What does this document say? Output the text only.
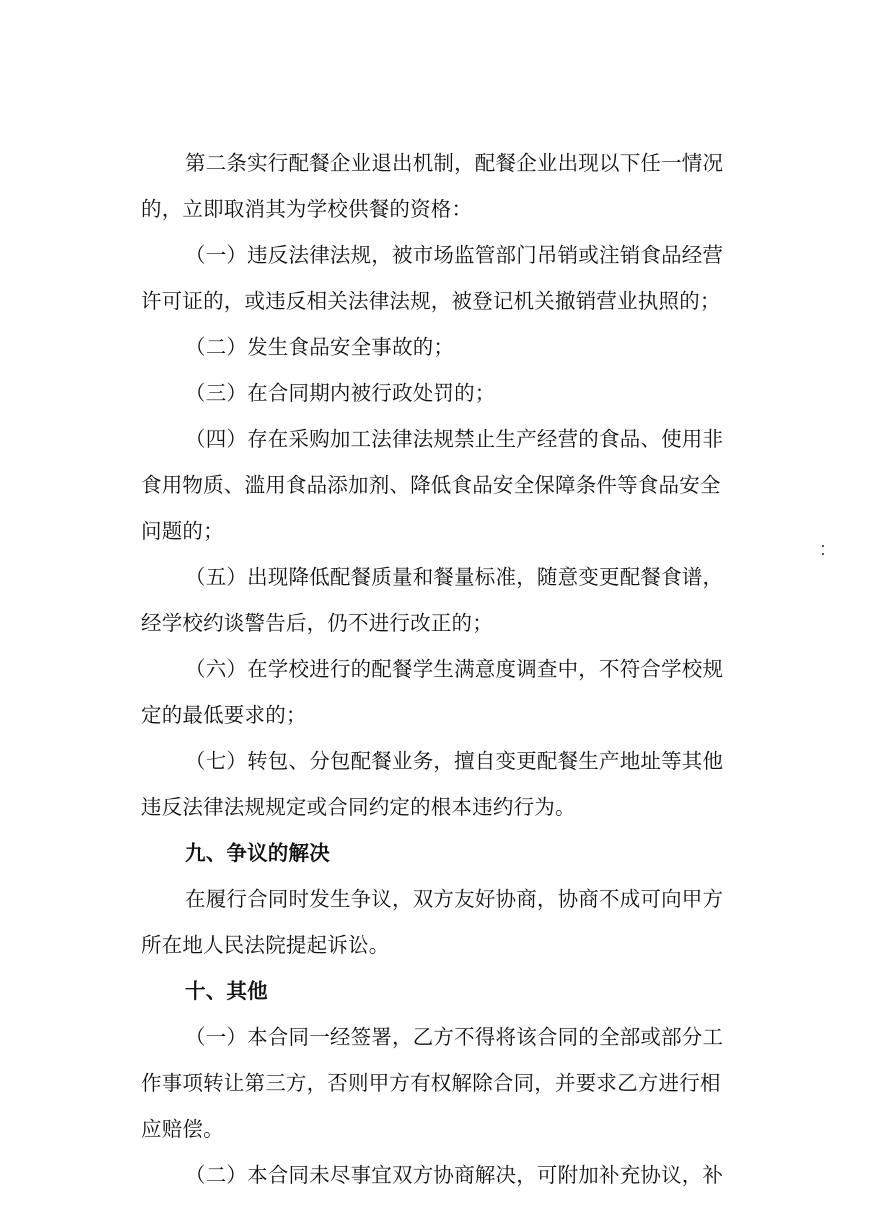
第二条实行配餐企业退出机制，配餐企业出现以下任一情况
的，立即取消其为学校供餐的资格：
（一）违反法律法规，被市场监管部门吊销或注销食品经营
许可证的，或违反相关法律法规，被登记机关撤销营业执照的；
（二）发生食品安全事故的；
（三）在合同期内被行政处罚的；
（四）存在采购加工法律法规禁止生产经营的食品、使用非
食用物质、滥用食品添加剂、降低食品安全保障条件等食品安全
问题的；
（五）出现降低配餐质量和餐量标准，随意变更配餐食谱，
经学校约谈警告后，仍不进行改正的；
（六）在学校进行的配餐学生满意度调查中，不符合学校规
定的最低要求的；
（七）转包、分包配餐业务，擅自变更配餐生产地址等其他
违反法律法规规定或合同约定的根本违约行为。
九、争议的解决
在履行合同时发生争议，双方友好协商，协商不成可向甲方
所在地人民法院提起诉讼。
十、其他
（一）本合同一经签署，乙方不得将该合同的全部或部分工
作事项转让第三方，否则甲方有权解除合同，并要求乙方进行相
应赔偿。
（二）本合同未尽事宜双方协商解决，可附加补充协议，补
